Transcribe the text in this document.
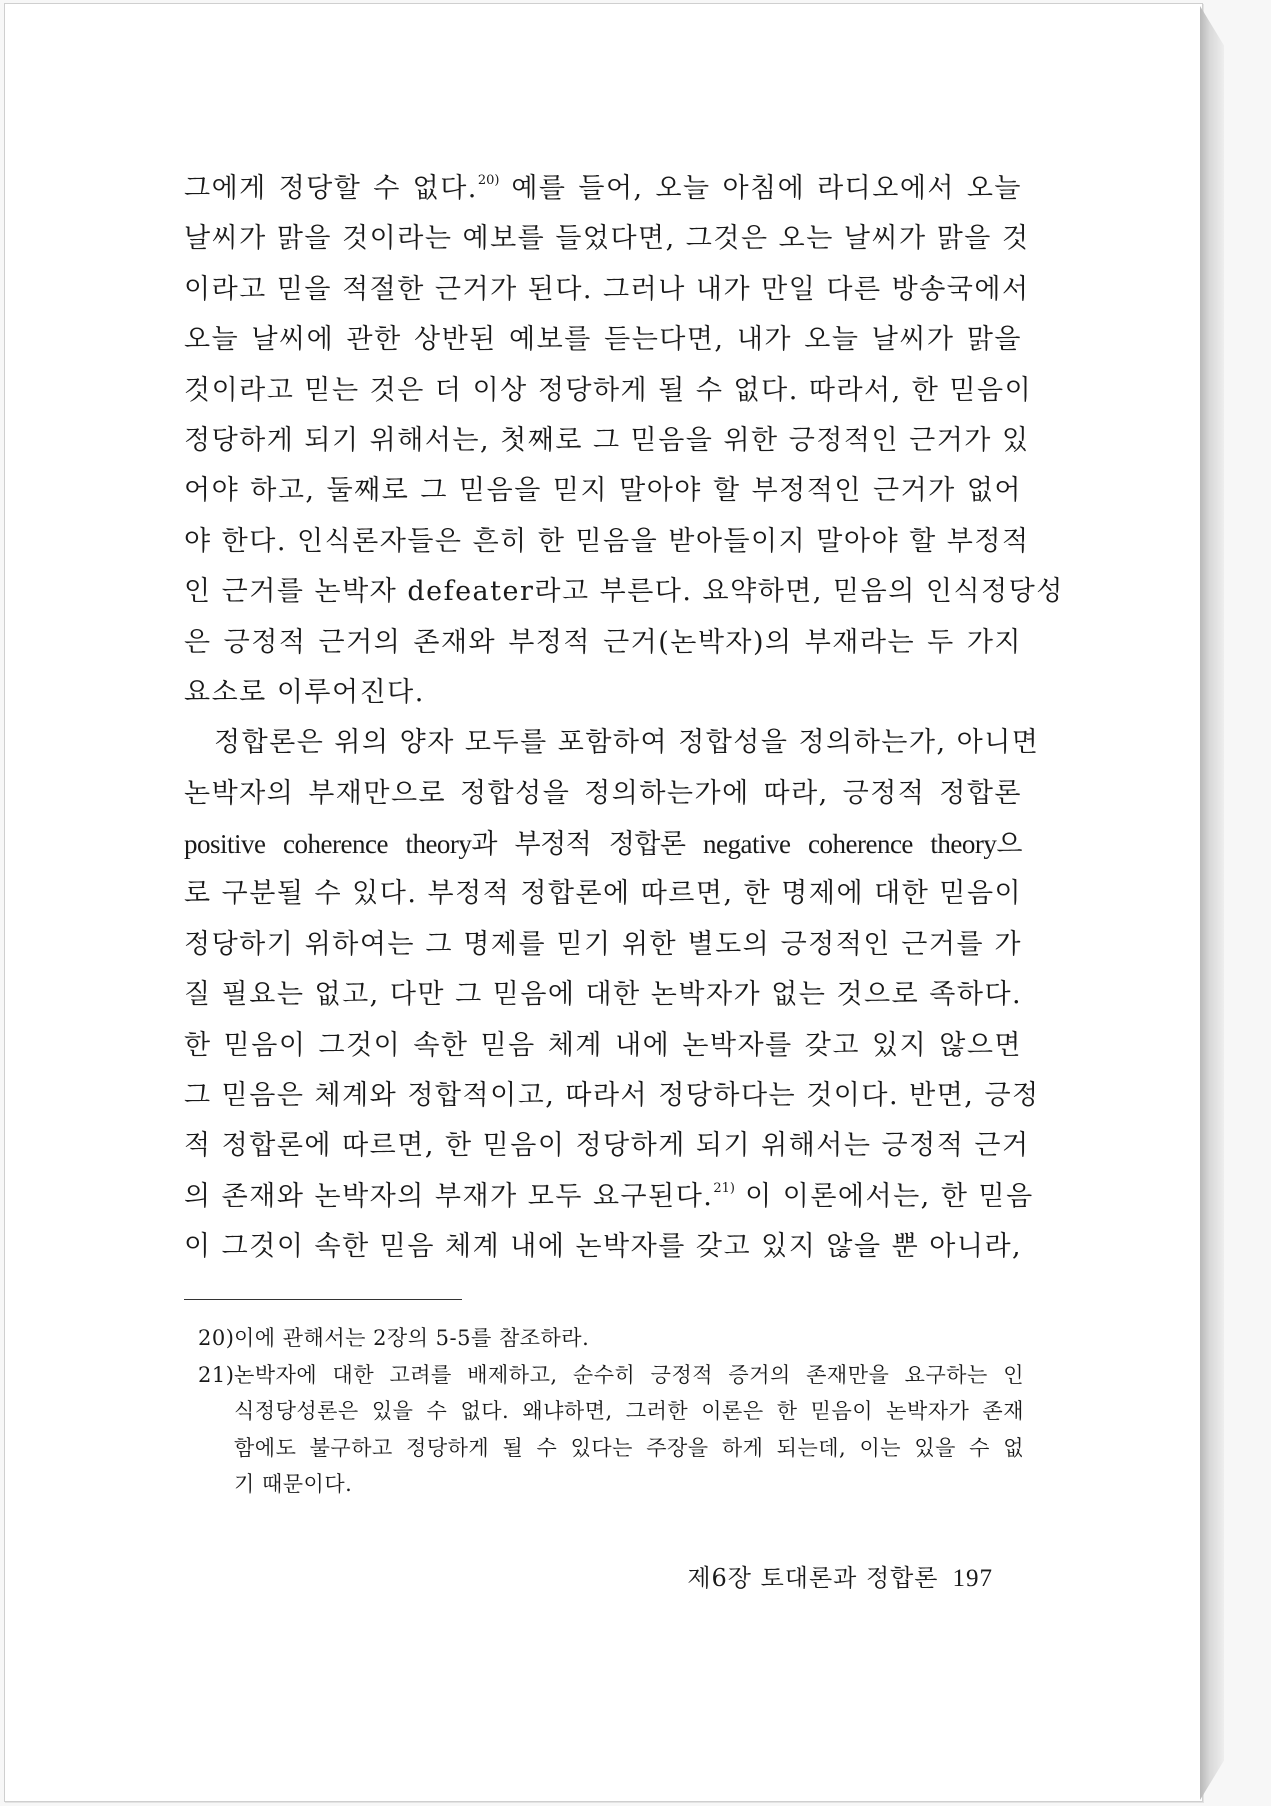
그에게 정당할 수 없다.$^{20)}$ 예를 들어, 오늘 아침에 라디오에서 오늘
날씨가 맑을 것이라는 예보를 들었다면, 그것은 오는 날씨가 맑을 것
이라고 믿을 적절한 근거가 된다. 그러나 내가 만일 다른 방송국에서
오늘 날씨에 관한 상반된 예보를 듣는다면, 내가 오늘 날씨가 맑을
것이라고 믿는 것은 더 이상 정당하게 될 수 없다. 따라서, 한 믿음이
정당하게 되기 위해서는, 첫째로 그 믿음을 위한 긍정적인 근거가 있
어야 하고, 둘째로 그 믿음을 믿지 말아야 할 부정적인 근거가 없어
야 한다. 인식론자들은 흔히 한 믿음을 받아들이지 말아야 할 부정적
인 근거를 논박자 defeater라고 부른다. 요약하면, 믿음의 인식정당성
은 긍정적 근거의 존재와 부정적 근거(논박자)의 부재라는 두 가지
요소로 이루어진다.
정합론은 위의 양자 모두를 포함하여 정합성을 정의하는가, 아니면
논박자의 부재만으로 정합성을 정의하는가에 따라, 긍정적 정합론
positive coherence theory과 부정적 정합론 negative coherence theory으
로 구분될 수 있다. 부정적 정합론에 따르면, 한 명제에 대한 믿음이
정당하기 위하여는 그 명제를 믿기 위한 별도의 긍정적인 근거를 가
질 필요는 없고, 다만 그 믿음에 대한 논박자가 없는 것으로 족하다.
한 믿음이 그것이 속한 믿음 체계 내에 논박자를 갖고 있지 않으면
그 믿음은 체계와 정합적이고, 따라서 정당하다는 것이다. 반면, 긍정
적 정합론에 따르면, 한 믿음이 정당하게 되기 위해서는 긍정적 근거
의 존재와 논박자의 부재가 모두 요구된다.$^{21)}$ 이 이론에서는, 한 믿음
이 그것이 속한 믿음 체계 내에 논박자를 갖고 있지 않을 뿐 아니라,
20)이에 관해서는 2장의 5-5를 참조하라.
21)논박자에 대한 고려를 배제하고, 순수히 긍정적 증거의 존재만을 요구하는 인
식정당성론은 있을 수 없다. 왜냐하면, 그러한 이론은 한 믿음이 논박자가 존재
함에도 불구하고 정당하게 될 수 있다는 주장을 하게 되는데, 이는 있을 수 없
기 때문이다.
제6장 토대론과 정합론 197
